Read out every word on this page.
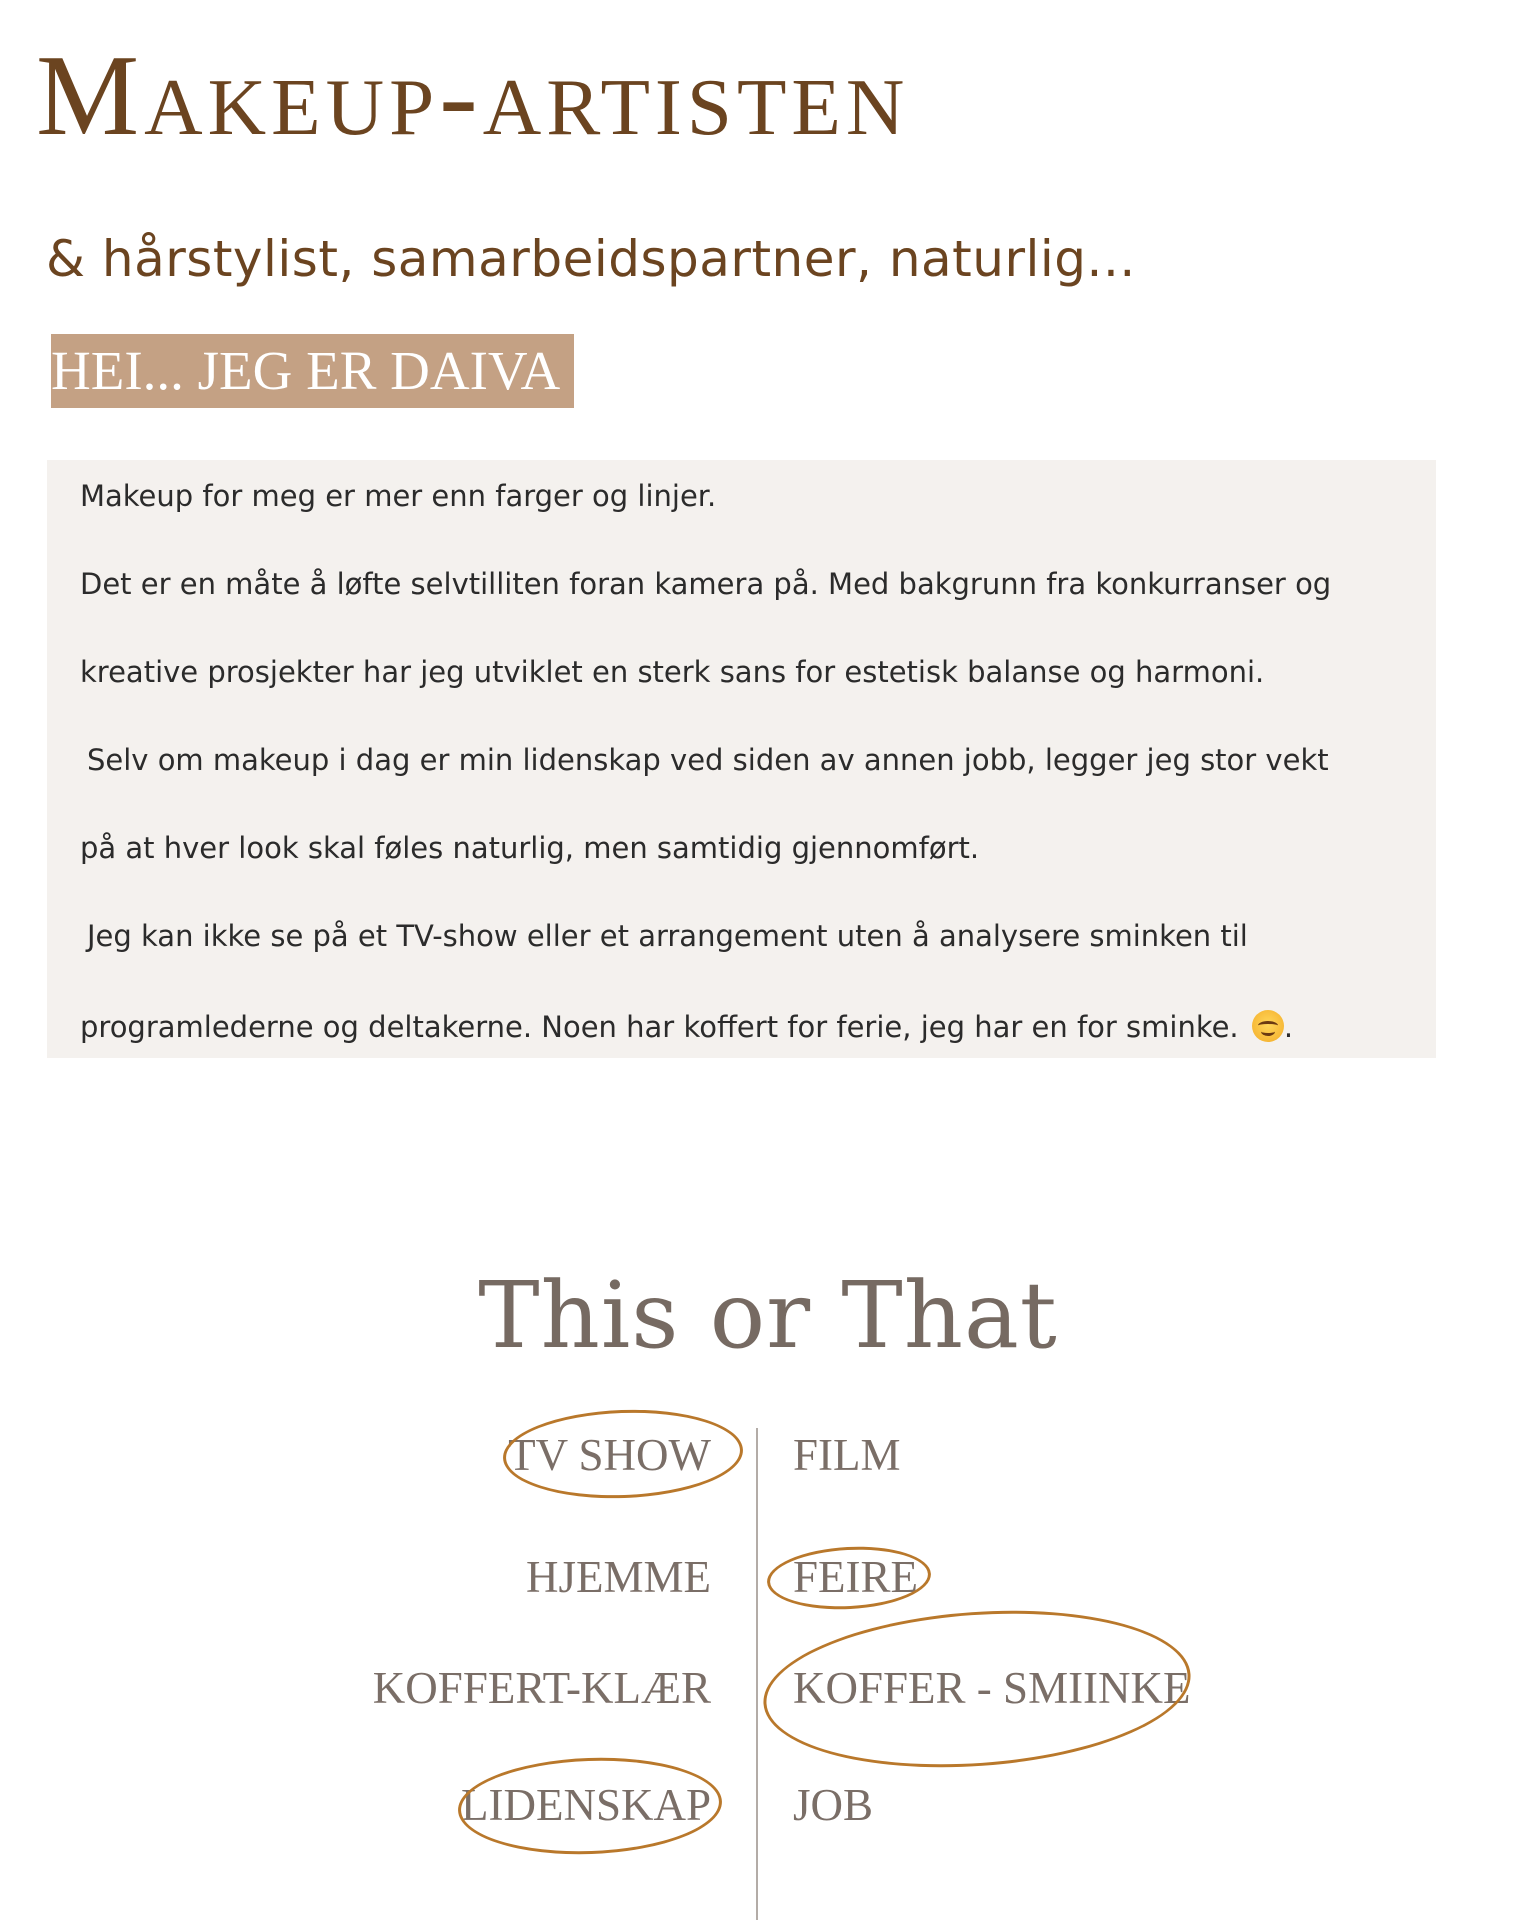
Makeup-artisten
& hårstylist, samarbeidspartner, naturlig...
HEI... JEG ER DAIVA
Makeup for meg er mer enn farger og linjer.
Det er en måte å løfte selvtilliten foran kamera på. Med bakgrunn fra konkurranser og
kreative prosjekter har jeg utviklet en sterk sans for estetisk balanse og harmoni.
Selv om makeup i dag er min lidenskap ved siden av annen jobb, legger jeg stor vekt
på at hver look skal føles naturlig, men samtidig gjennomført.
Jeg kan ikke se på et TV-show eller et arrangement uten å analysere sminken til
programlederne og deltakerne. Noen har koffert for ferie, jeg har en for sminke. .
This or That
TV SHOW FILM
HJEMME FEIRE
KOFFERT-KLÆR KOFFER - SMIINKE
LIDENSKAP JOB
